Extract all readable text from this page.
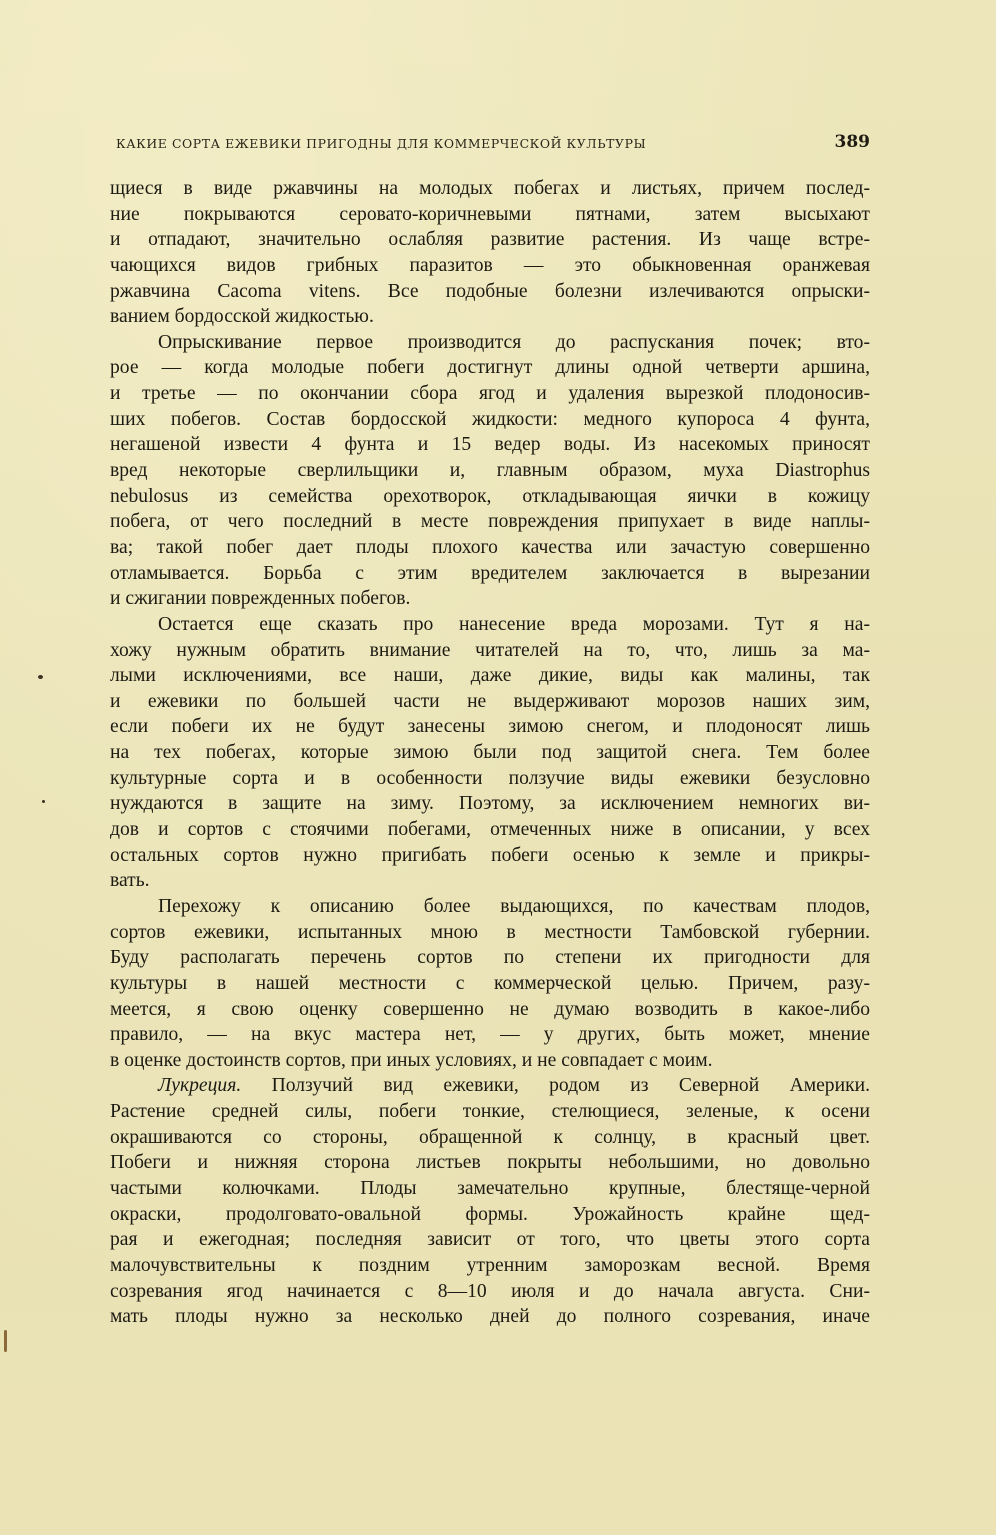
КАКИЕ СОРТА ЕЖЕВИКИ ПРИГОДНЫ ДЛЯ КОММЕРЧЕСКОЙ КУЛЬТУРЫ	389
щиеся в виде ржавчины на молодых побегах и листьях, причем послед-
ние покрываются серовато-коричневыми пятнами, затем высыхают
и отпадают, значительно ослабляя развитие растения. Из чаще встре-
чающихся видов грибных паразитов — это обыкновенная оранжевая
ржавчина Cacoma vitens. Все подобные болезни излечиваются опрыски-
ванием бордосской жидкостью.
Опрыскивание первое производится до распускания почек; вто-
рое — когда молодые побеги достигнут длины одной четверти аршина,
и третье — по окончании сбора ягод и удаления вырезкой плодоносив-
ших побегов. Состав бордосской жидкости: медного купороса 4 фунта,
негашеной извести 4 фунта и 15 ведер воды. Из насекомых приносят
вред некоторые сверлильщики и, главным образом, муха Diastrophus
nebulosus из семейства орехотворок, откладывающая яички в кожицу
побега, от чего последний в месте повреждения припухает в виде наплы-
ва; такой побег дает плоды плохого качества или зачастую совершенно
отламывается. Борьба с этим вредителем заключается в вырезании
и сжигании поврежденных побегов.
Остается еще сказать про нанесение вреда морозами. Тут я на-
хожу нужным обратить внимание читателей на то, что, лишь за ма-
лыми исключениями, все наши, даже дикие, виды как малины, так
и ежевики по большей части не выдерживают морозов наших зим,
если побеги их не будут занесены зимою снегом, и плодоносят лишь
на тех побегах, которые зимою были под защитой снега. Тем более
культурные сорта и в особенности ползучие виды ежевики безусловно
нуждаются в защите на зиму. Поэтому, за исключением немногих ви-
дов и сортов с стоячими побегами, отмеченных ниже в описании, у всех
остальных сортов нужно пригибать побеги осенью к земле и прикры-
вать.
Перехожу к описанию более выдающихся, по качествам плодов,
сортов ежевики, испытанных мною в местности Тамбовской губернии.
Буду располагать перечень сортов по степени их пригодности для
культуры в нашей местности с коммерческой целью. Причем, разу-
меется, я свою оценку совершенно не думаю возводить в какое-либо
правило, — на вкус мастера нет, — у других, быть может, мнение
в оценке достоинств сортов, при иных условиях, и не совпадает с моим.
Лукреция. Ползучий вид ежевики, родом из Северной Америки.
Растение средней силы, побеги тонкие, стелющиеся, зеленые, к осени
окрашиваются со стороны, обращенной к солнцу, в красный цвет.
Побеги и нижняя сторона листьев покрыты небольшими, но довольно
частыми колючками. Плоды замечательно крупные, блестяще-черной
окраски, продолговато-овальной формы. Урожайность крайне щед-
рая и ежегодная; последняя зависит от того, что цветы этого сорта
малочувствительны к поздним утренним заморозкам весной. Время
созревания ягод начинается с 8—10 июля и до начала августа. Сни-
мать плоды нужно за несколько дней до полного созревания, иначе
